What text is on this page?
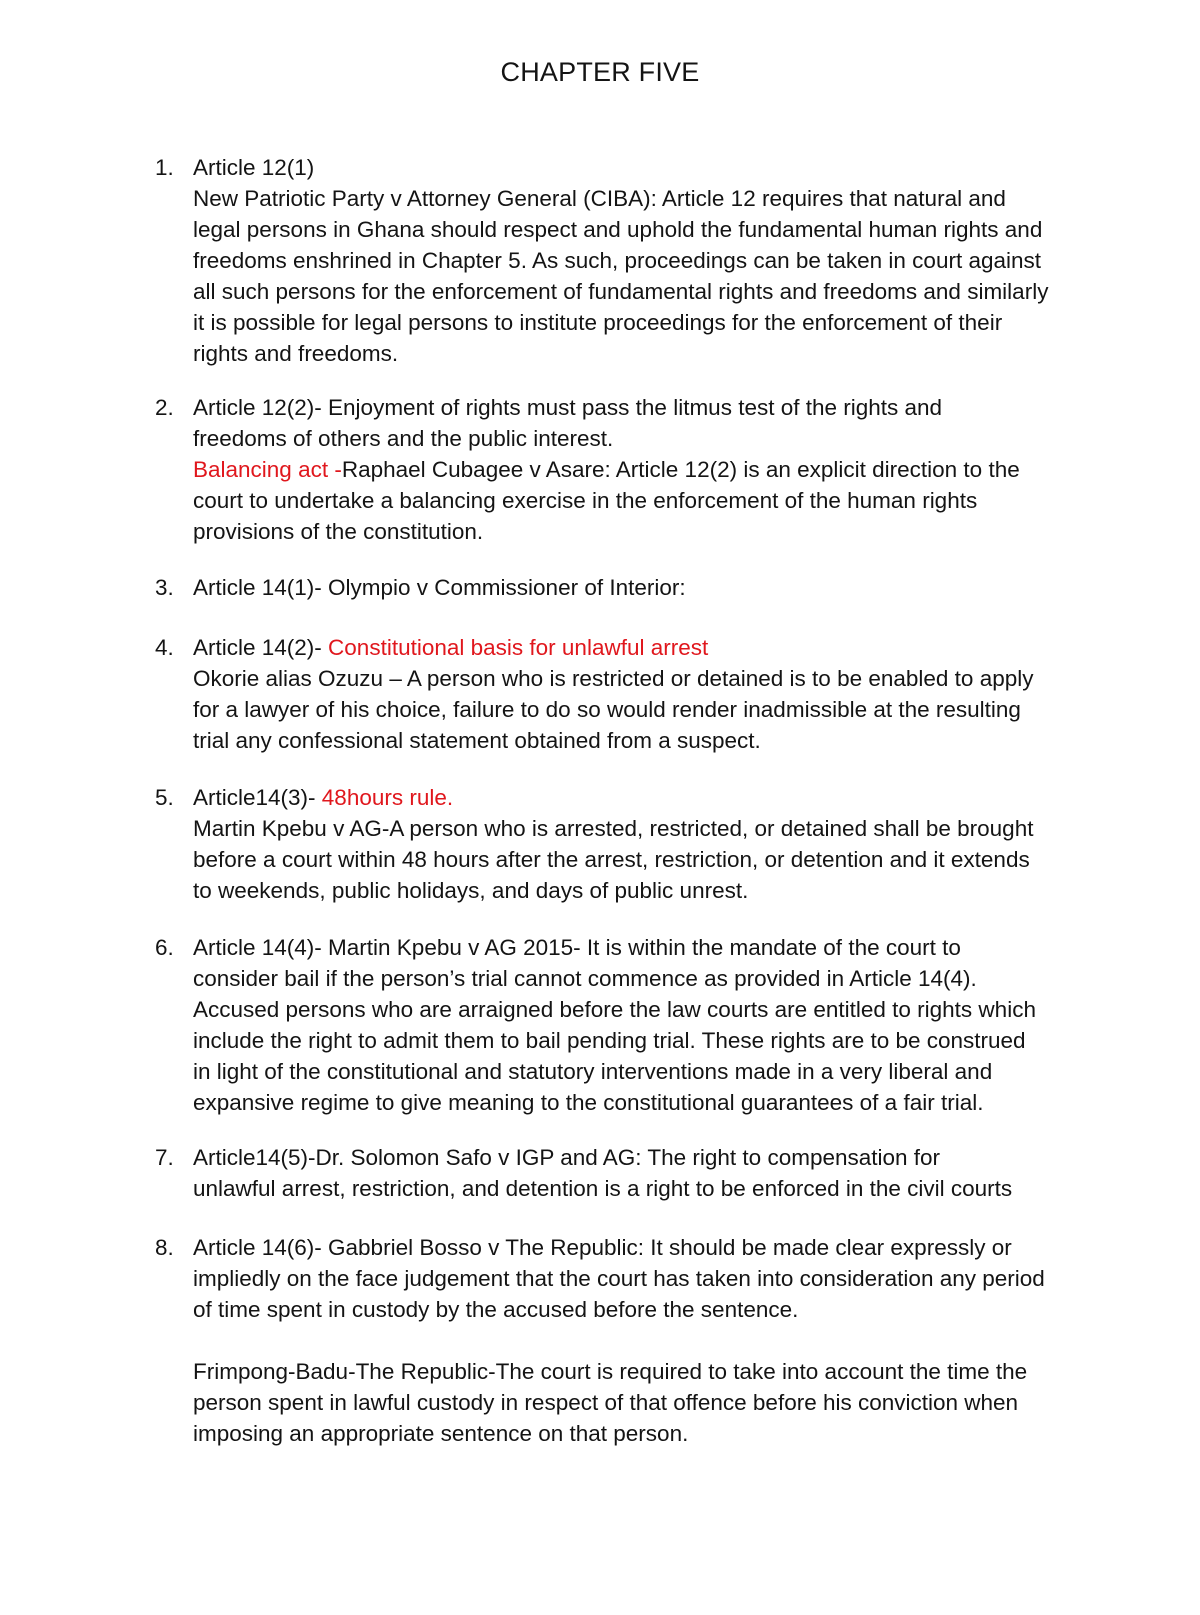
CHAPTER FIVE
1. Article 12(1)
New Patriotic Party v Attorney General (CIBA): Article 12 requires that natural and
legal persons in Ghana should respect and uphold the fundamental human rights and
freedoms enshrined in Chapter 5. As such, proceedings can be taken in court against
all such persons for the enforcement of fundamental rights and freedoms and similarly
it is possible for legal persons to institute proceedings for the enforcement of their
rights and freedoms.
2. Article 12(2)- Enjoyment of rights must pass the litmus test of the rights and
freedoms of others and the public interest.
Balancing act -Raphael Cubagee v Asare: Article 12(2) is an explicit direction to the
court to undertake a balancing exercise in the enforcement of the human rights
provisions of the constitution.
3. Article 14(1)- Olympio v Commissioner of Interior:
4. Article 14(2)- Constitutional basis for unlawful arrest
Okorie alias Ozuzu – A person who is restricted or detained is to be enabled to apply
for a lawyer of his choice, failure to do so would render inadmissible at the resulting
trial any confessional statement obtained from a suspect.
5. Article14(3)- 48hours rule.
Martin Kpebu v AG-A person who is arrested, restricted, or detained shall be brought
before a court within 48 hours after the arrest, restriction, or detention and it extends
to weekends, public holidays, and days of public unrest.
6. Article 14(4)- Martin Kpebu v AG 2015- It is within the mandate of the court to
consider bail if the person’s trial cannot commence as provided in Article 14(4).
Accused persons who are arraigned before the law courts are entitled to rights which
include the right to admit them to bail pending trial. These rights are to be construed
in light of the constitutional and statutory interventions made in a very liberal and
expansive regime to give meaning to the constitutional guarantees of a fair trial.
7. Article14(5)-Dr. Solomon Safo v IGP and AG: The right to compensation for
unlawful arrest, restriction, and detention is a right to be enforced in the civil courts
8. Article 14(6)- Gabbriel Bosso v The Republic: It should be made clear expressly or
impliedly on the face judgement that the court has taken into consideration any period
of time spent in custody by the accused before the sentence.
Frimpong-Badu-The Republic-The court is required to take into account the time the
person spent in lawful custody in respect of that offence before his conviction when
imposing an appropriate sentence on that person.
